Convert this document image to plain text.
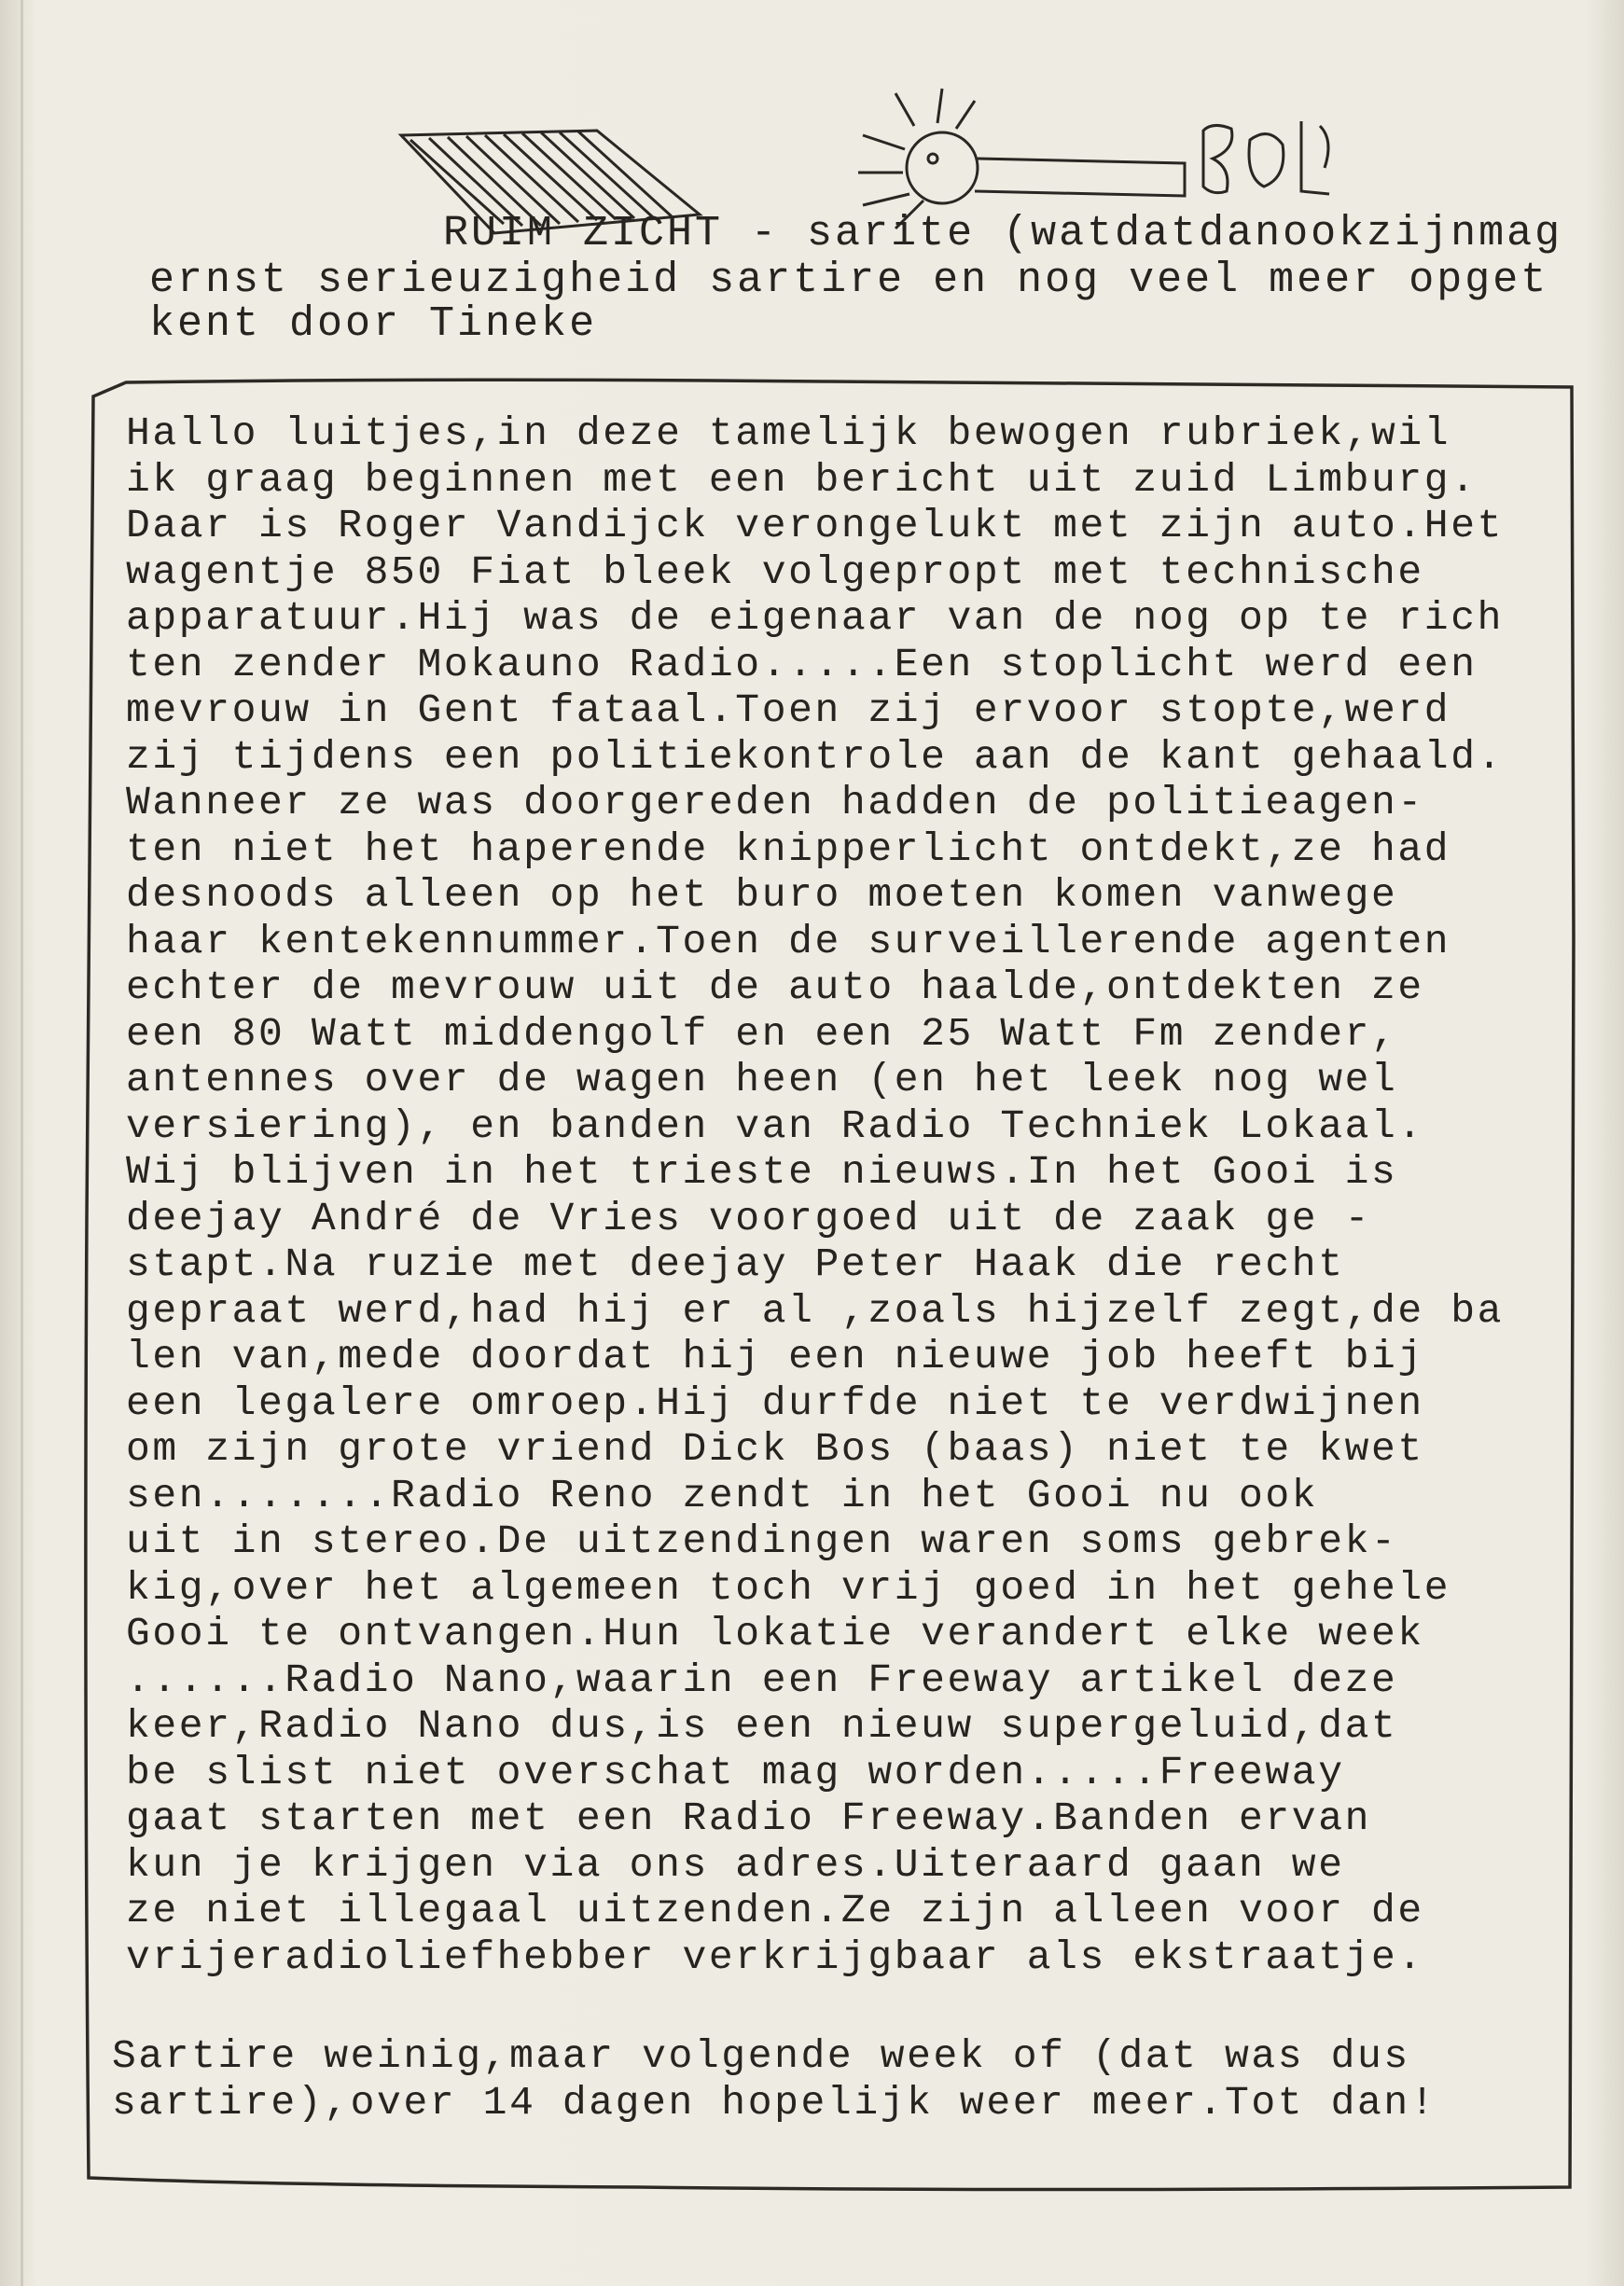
RUIM ZICHT - sarite (watdatdanookzijnmag
ernst serieuzigheid sartire en nog veel meer opget
kent door Tineke
Hallo luitjes,in deze tamelijk bewogen rubriek,wil
ik graag beginnen met een bericht uit zuid Limburg.
Daar is Roger Vandijck verongelukt met zijn auto.Het
wagentje 850 Fiat bleek volgepropt met technische
apparatuur.Hij was de eigenaar van de nog op te rich
ten zender Mokauno Radio.....Een stoplicht werd een
mevrouw in Gent fataal.Toen zij ervoor stopte,werd
zij tijdens een politiekontrole aan de kant gehaald.
Wanneer ze was doorgereden hadden de politieagen-
ten niet het haperende knipperlicht ontdekt,ze had
desnoods alleen op het buro moeten komen vanwege
haar kentekennummer.Toen de surveillerende agenten
echter de mevrouw uit de auto haalde,ontdekten ze
een 80 Watt middengolf en een 25 Watt Fm zender,
antennes over de wagen heen (en het leek nog wel
versiering), en banden van Radio Techniek Lokaal.
Wij blijven in het trieste nieuws.In het Gooi is
deejay André de Vries voorgoed uit de zaak ge -
stapt.Na ruzie met deejay Peter Haak die recht
gepraat werd,had hij er al ,zoals hijzelf zegt,de ba
len van,mede doordat hij een nieuwe job heeft bij
een legalere omroep.Hij durfde niet te verdwijnen
om zijn grote vriend Dick Bos (baas) niet te kwet
sen.......Radio Reno zendt in het Gooi nu ook
uit in stereo.De uitzendingen waren soms gebrek-
kig,over het algemeen toch vrij goed in het gehele
Gooi te ontvangen.Hun lokatie verandert elke week
......Radio Nano,waarin een Freeway artikel deze
keer,Radio Nano dus,is een nieuw supergeluid,dat
be slist niet overschat mag worden.....Freeway
gaat starten met een Radio Freeway.Banden ervan
kun je krijgen via ons adres.Uiteraard gaan we
ze niet illegaal uitzenden.Ze zijn alleen voor de
vrijeradioliefhebber verkrijgbaar als ekstraatje.
Sartire weinig,maar volgende week of (dat was dus
sartire),over 14 dagen hopelijk weer meer.Tot dan!
